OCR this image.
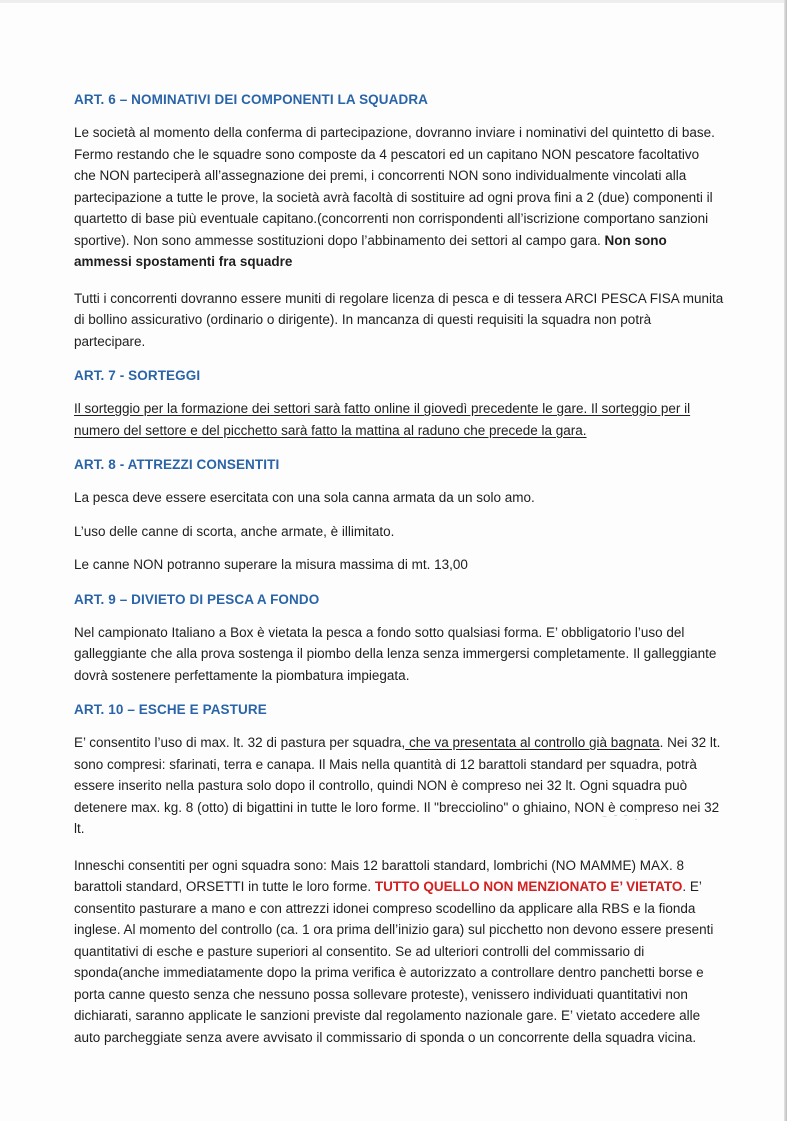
ART. 6 – NOMINATIVI DEI COMPONENTI LA SQUADRA

Le società al momento della conferma di partecipazione, dovranno inviare i nominativi del quintetto di base. Fermo restando che le squadre sono composte da 4 pescatori ed un capitano NON pescatore facoltativo che NON parteciperà all’assegnazione dei premi, i concorrenti NON sono individualmente vincolati alla partecipazione a tutte le prove, la società avrà facoltà di sostituire ad ogni prova fini a 2 (due) componenti il quartetto di base più eventuale capitano.(concorrenti non corrispondenti all’iscrizione comportano sanzioni sportive). Non sono ammesse sostituzioni dopo l’abbinamento dei settori al campo gara. Non sono ammessi spostamenti fra squadre

Tutti i concorrenti dovranno essere muniti di regolare licenza di pesca e di tessera ARCI PESCA FISA munita di bollino assicurativo (ordinario o dirigente). In mancanza di questi requisiti la squadra non potrà partecipare.

ART. 7 - SORTEGGI

Il sorteggio per la formazione dei settori sarà fatto online il giovedì precedente le gare. Il sorteggio per il numero del settore e del picchetto sarà fatto la mattina al raduno che precede la gara.

ART. 8 - ATTREZZI CONSENTITI

La pesca deve essere esercitata con una sola canna armata da un solo amo.

L’uso delle canne di scorta, anche armate, è illimitato.

Le canne NON potranno superare la misura massima di mt. 13,00

ART. 9 – DIVIETO DI PESCA A FONDO

Nel campionato Italiano a Box è vietata la pesca a fondo sotto qualsiasi forma. E’ obbligatorio l’uso del galleggiante che alla prova sostenga il piombo della lenza senza immergersi completamente. Il galleggiante dovrà sostenere perfettamente la piombatura impiegata.

ART. 10 – ESCHE E PASTURE

E’ consentito l’uso di max. lt. 32 di pastura per squadra, che va presentata al controllo già bagnata. Nei 32 lt. sono compresi: sfarinati, terra e canapa. Il Mais nella quantità di 12 barattoli standard per squadra, potrà essere inserito nella pastura solo dopo il controllo, quindi NON è compreso nei 32 lt. Ogni squadra può detenere max. kg. 8 (otto) di bigattini in tutte le loro forme. Il "brecciolino" o ghiaino, NON è compreso nei 32 lt.

Inneschi consentiti per ogni squadra sono: Mais 12 barattoli standard, lombrichi (NO MAMME) MAX. 8 barattoli standard, ORSETTI in tutte le loro forme. TUTTO QUELLO NON MENZIONATO E’ VIETATO. E’ consentito pasturare a mano e con attrezzi idonei compreso scodellino da applicare alla RBS e la fionda inglese. Al momento del controllo (ca. 1 ora prima dell’inizio gara) sul picchetto non devono essere presenti quantitativi di esche e pasture superiori al consentito. Se ad ulteriori controlli del commissario di sponda(anche immediatamente dopo la prima verifica è autorizzato a controllare dentro panchetti borse e porta canne questo senza che nessuno possa sollevare proteste), venissero individuati quantitativi non dichiarati, saranno applicate le sanzioni previste dal regolamento nazionale gare. E’ vietato accedere alle auto parcheggiate senza avere avvisato il commissario di sponda o un concorrente della squadra vicina.

⁻ ˉ ˉ ·
